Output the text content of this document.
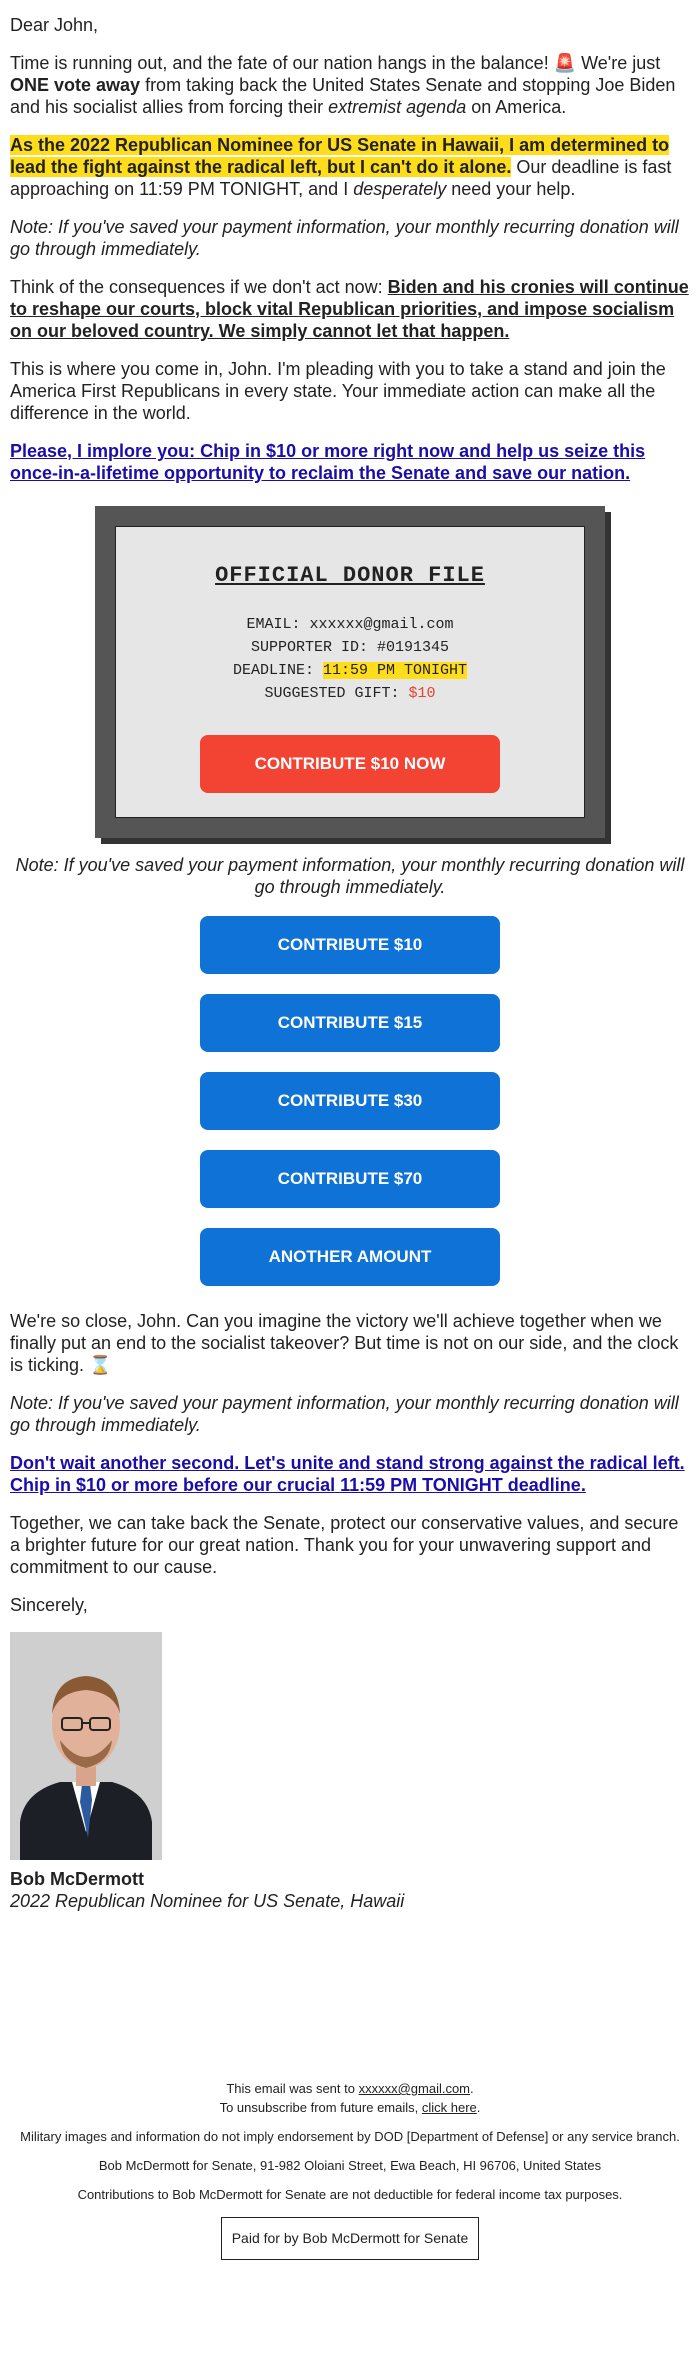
Dear John,

Time is running out, and the fate of our nation hangs in the balance! 🚨 We're just ONE vote away from taking back the United States Senate and stopping Joe Biden and his socialist allies from forcing their extremist agenda on America.

As the 2022 Republican Nominee for US Senate in Hawaii, I am determined to lead the fight against the radical left, but I can't do it alone. Our deadline is fast approaching on 11:59 PM TONIGHT, and I desperately need your help.

Note: If you've saved your payment information, your monthly recurring donation will go through immediately.

Think of the consequences if we don't act now: Biden and his cronies will continue to reshape our courts, block vital Republican priorities, and impose socialism on our beloved country. We simply cannot let that happen.

This is where you come in, John. I'm pleading with you to take a stand and join the America First Republicans in every state. Your immediate action can make all the difference in the world.

Please, I implore you: Chip in $10 or more right now and help us seize this once-in-a-lifetime opportunity to reclaim the Senate and save our nation.

OFFICIAL DONOR FILE
EMAIL: xxxxxx@gmail.com
SUPPORTER ID: #0191345
DEADLINE: 11:59 PM TONIGHT
SUGGESTED GIFT: $10
CONTRIBUTE $10 NOW

Note: If you've saved your payment information, your monthly recurring donation will go through immediately.

CONTRIBUTE $10
CONTRIBUTE $15
CONTRIBUTE $30
CONTRIBUTE $70
ANOTHER AMOUNT

We're so close, John. Can you imagine the victory we'll achieve together when we finally put an end to the socialist takeover? But time is not on our side, and the clock is ticking. ⌛

Note: If you've saved your payment information, your monthly recurring donation will go through immediately.

Don't wait another second. Let's unite and stand strong against the radical left. Chip in $10 or more before our crucial 11:59 PM TONIGHT deadline.

Together, we can take back the Senate, protect our conservative values, and secure a brighter future for our great nation. Thank you for your unwavering support and commitment to our cause.

Sincerely,

Bob McDermott
2022 Republican Nominee for US Senate, Hawaii

This email was sent to xxxxxx@gmail.com.

To unsubscribe from future emails, click here.

Military images and information do not imply endorsement by DOD [Department of Defense] or any service branch.

Bob McDermott for Senate, 91-982 Oloiani Street, Ewa Beach, HI 96706, United States

Contributions to Bob McDermott for Senate are not deductible for federal income tax purposes.

Paid for by Bob McDermott for Senate
